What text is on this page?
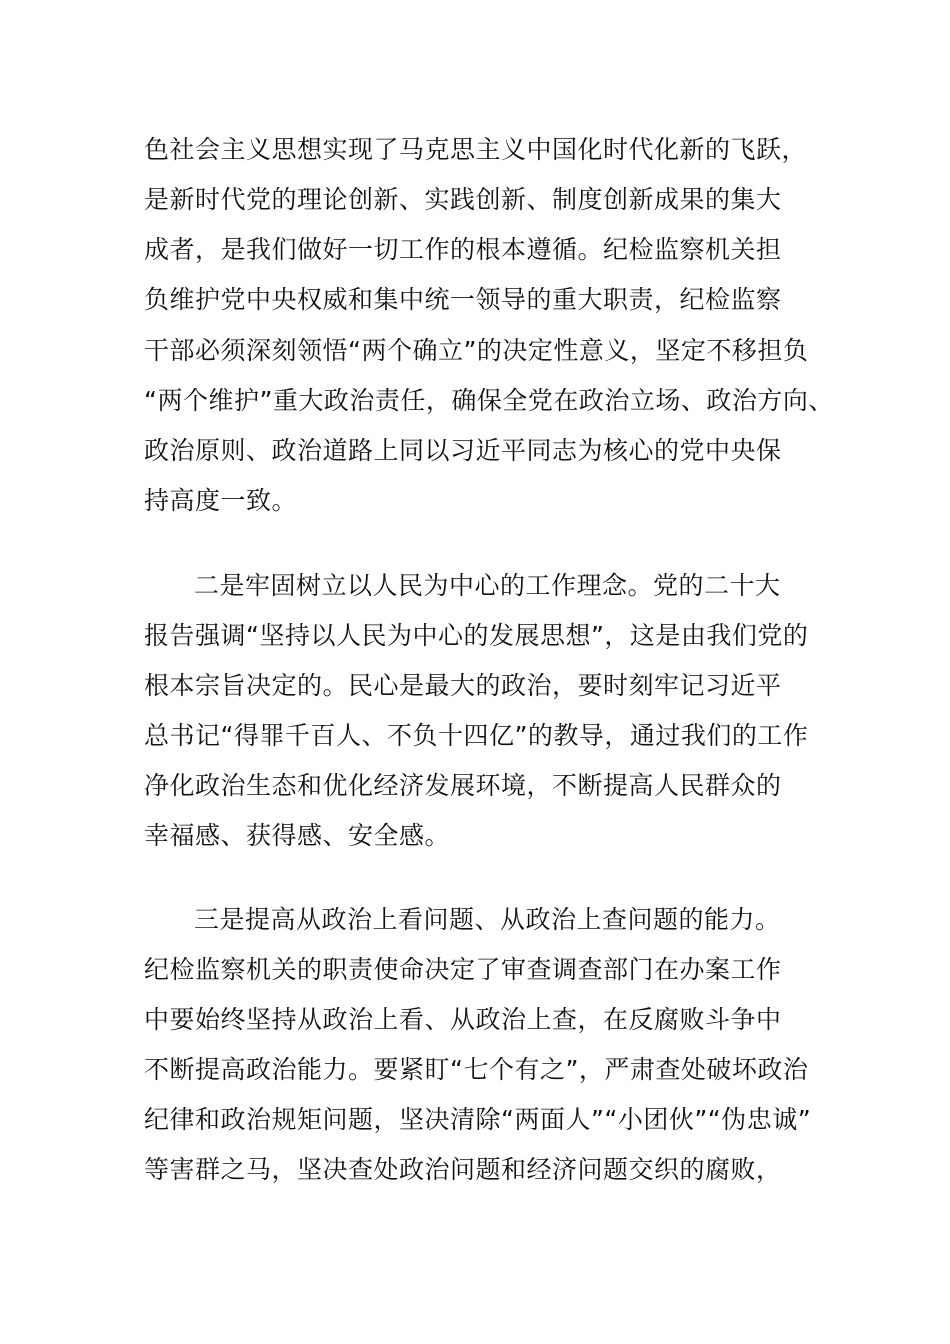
色社会主义思想实现了马克思主义中国化时代化新的飞跃，
是新时代党的理论创新、实践创新、制度创新成果的集大
成者，是我们做好一切工作的根本遵循。纪检监察机关担
负维护党中央权威和集中统一领导的重大职责，纪检监察
干部必须深刻领悟“两个确立”的决定性意义，坚定不移担负
“两个维护”重大政治责任，确保全党在政治立场、政治方向、
政治原则、政治道路上同以习近平同志为核心的党中央保
持高度一致。
二是牢固树立以人民为中心的工作理念。党的二十大
报告强调“坚持以人民为中心的发展思想”，这是由我们党的
根本宗旨决定的。民心是最大的政治，要时刻牢记习近平
总书记“得罪千百人、不负十四亿”的教导，通过我们的工作
净化政治生态和优化经济发展环境，不断提高人民群众的
幸福感、获得感、安全感。
三是提高从政治上看问题、从政治上查问题的能力。
纪检监察机关的职责使命决定了审查调查部门在办案工作
中要始终坚持从政治上看、从政治上查，在反腐败斗争中
不断提高政治能力。要紧盯“七个有之”，严肃查处破坏政治
纪律和政治规矩问题，坚决清除“两面人”“小团伙”“伪忠诚”
等害群之马，坚决查处政治问题和经济问题交织的腐败，
